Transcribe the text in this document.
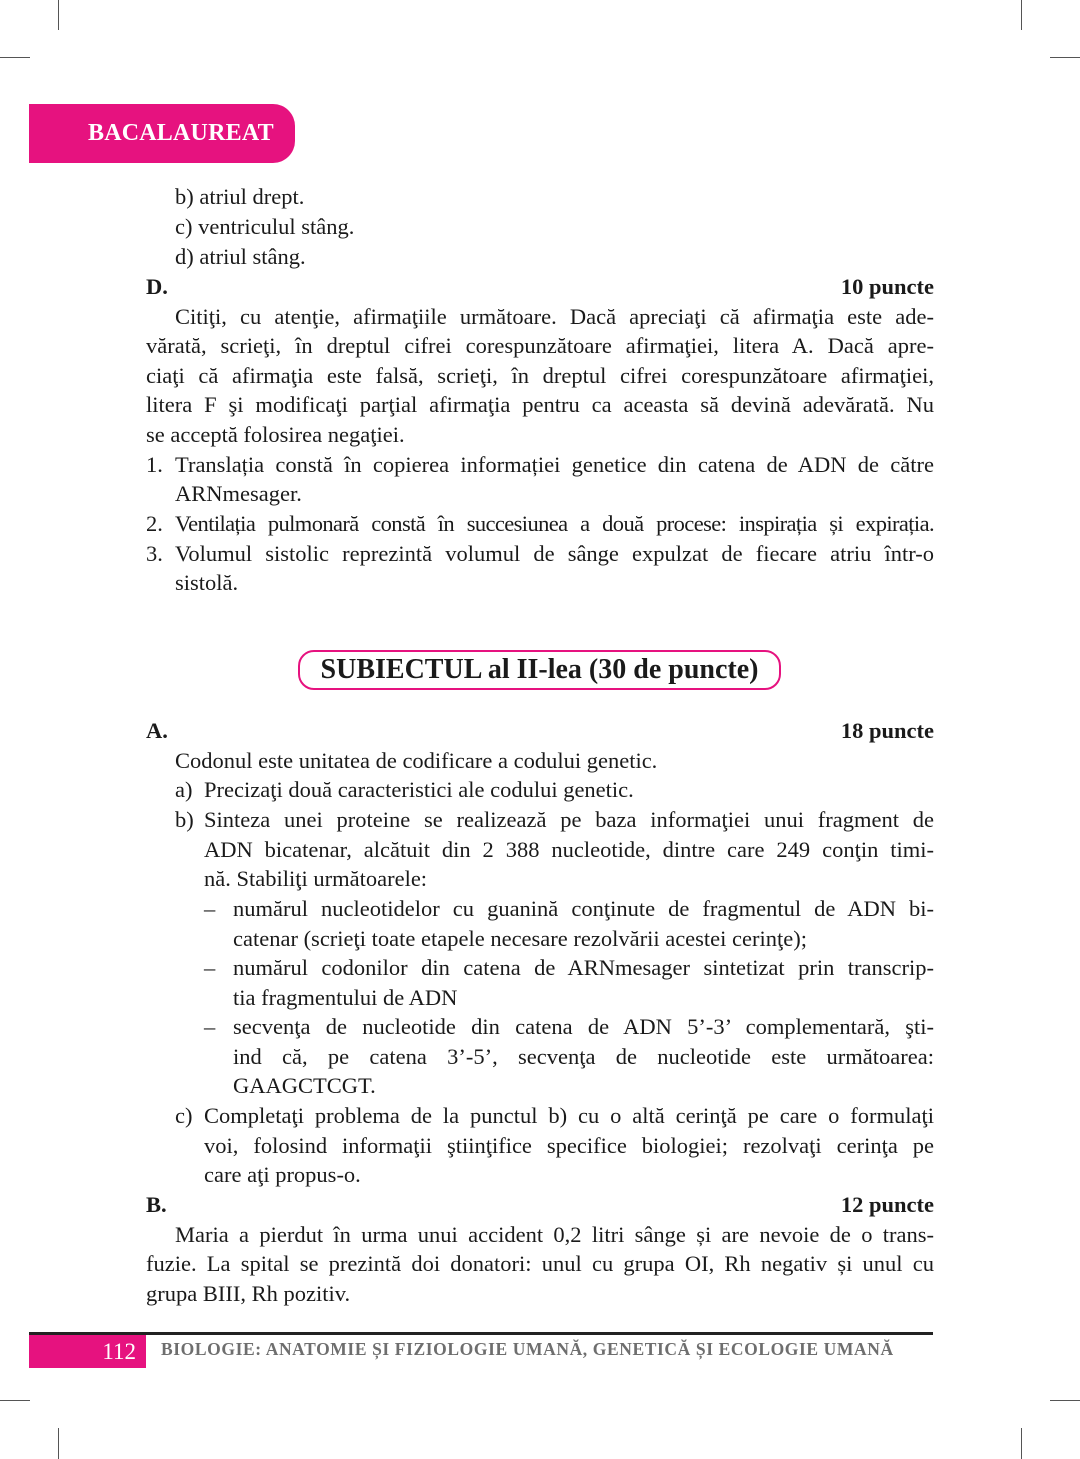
BACALAUREAT
b) atriul drept.
c) ventriculul stâng.
d) atriul stâng.
D.	10 puncte
Citiţi, cu atenţie, afirmaţiile următoare. Dacă apreciaţi că afirmaţia este ade-
vărată, scrieţi, în dreptul cifrei corespunzătoare afirmaţiei, litera A. Dacă apre-
ciaţi că afirmaţia este falsă, scrieţi, în dreptul cifrei corespunzătoare afirmaţiei,
litera F şi modificaţi parţial afirmaţia pentru ca aceasta să devină adevărată. Nu
se acceptă folosirea negaţiei.
1. Translația constă în copierea informației genetice din catena de ADN de către
ARNmesager.
2. Ventilația pulmonară constă în succesiunea a două procese: inspirația și expirația.
3. Volumul sistolic reprezintă volumul de sânge expulzat de fiecare atriu într-o
sistolă.
SUBIECTUL al II-lea (30 de puncte)
A.	18 puncte
Codonul este unitatea de codificare a codului genetic.
a) Precizaţi două caracteristici ale codului genetic.
b) Sinteza unei proteine se realizează pe baza informaţiei unui fragment de
ADN bicatenar, alcătuit din 2 388 nucleotide, dintre care 249 conţin timi-
nă. Stabiliţi următoarele:
– numărul nucleotidelor cu guanină conţinute de fragmentul de ADN bi-
catenar (scrieţi toate etapele necesare rezolvării acestei cerinţe);
– numărul codonilor din catena de ARNmesager sintetizat prin transcrip-
tia fragmentului de ADN
– secvenţa de nucleotide din catena de ADN 5’-3’ complementară, şti-
ind că, pe catena 3’-5’, secvenţa de nucleotide este următoarea:
GAAGCTCGT.
c) Completaţi problema de la punctul b) cu o altă cerinţă pe care o formulaţi
voi, folosind informaţii ştiinţifice specifice biologiei; rezolvaţi cerinţa pe
care aţi propus-o.
B.	12 puncte
Maria a pierdut în urma unui accident 0,2 litri sânge și are nevoie de o trans-
fuzie. La spital se prezintă doi donatori: unul cu grupa OI, Rh negativ și unul cu
grupa BIII, Rh pozitiv.
112	BIOLOGIE: ANATOMIE ȘI FIZIOLOGIE UMANĂ, GENETICĂ ȘI ECOLOGIE UMANĂ
